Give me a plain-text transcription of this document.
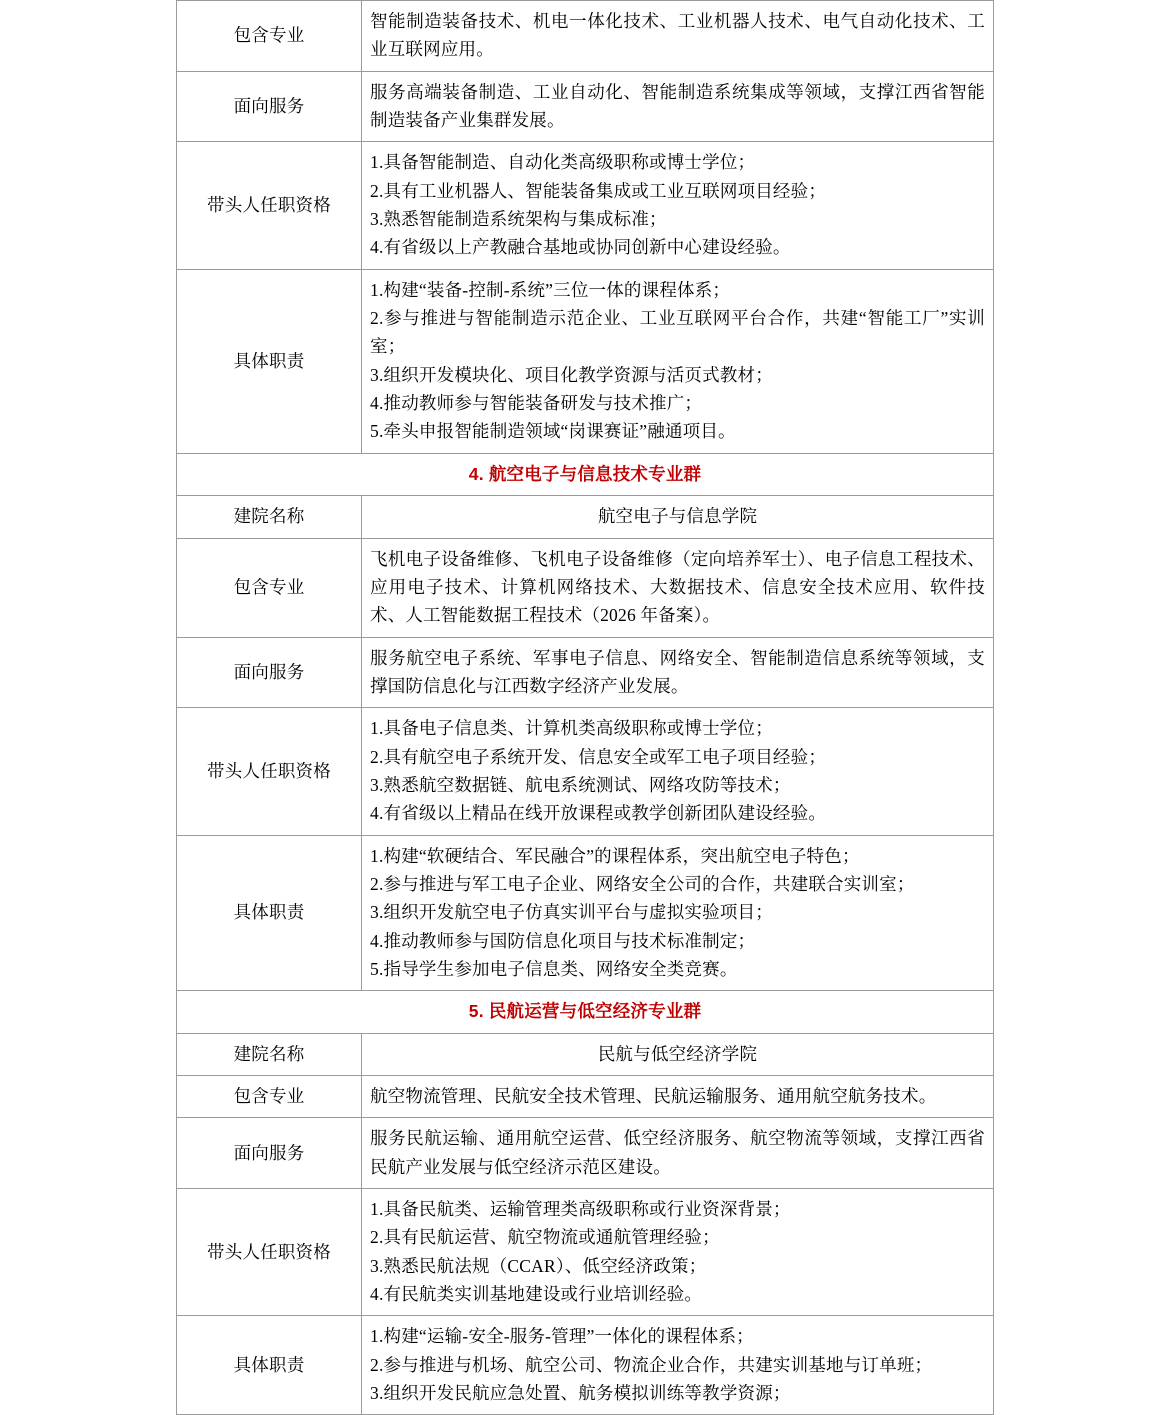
包含专业	智能制造装备技术、机电一体化技术、工业机器人技术、电气自动化技术、工业互联网应用。
面向服务	服务高端装备制造、工业自动化、智能制造系统集成等领域，支撑江西省智能制造装备产业集群发展。
带头人任职资格	1.具备智能制造、自动化类高级职称或博士学位；
2.具有工业机器人、智能装备集成或工业互联网项目经验；
3.熟悉智能制造系统架构与集成标准；
4.有省级以上产教融合基地或协同创新中心建设经验。

具体职责	1.构建“装备-控制-系统”三位一体的课程体系；
2.参与推进与智能制造示范企业、工业互联网平台合作，共建“智能工厂”实训室；
3.组织开发模块化、项目化教学资源与活页式教材；
4.推动教师参与智能装备研发与技术推广；
5.牵头申报智能制造领域“岗课赛证”融通项目。

4. 航空电子与信息技术专业群	
建院名称	航空电子与信息学院
包含专业	飞机电子设备维修、飞机电子设备维修（定向培养军士）、电子信息工程技术、应用电子技术、计算机网络技术、大数据技术、信息安全技术应用、软件技术、人工智能数据工程技术（2026 年备案）。
面向服务	服务航空电子系统、军事电子信息、网络安全、智能制造信息系统等领域，支撑国防信息化与江西数字经济产业发展。
带头人任职资格	1.具备电子信息类、计算机类高级职称或博士学位；
2.具有航空电子系统开发、信息安全或军工电子项目经验；
3.熟悉航空数据链、航电系统测试、网络攻防等技术；
4.有省级以上精品在线开放课程或教学创新团队建设经验。

具体职责	1.构建“软硬结合、军民融合”的课程体系，突出航空电子特色；
2.参与推进与军工电子企业、网络安全公司的合作，共建联合实训室；
3.组织开发航空电子仿真实训平台与虚拟实验项目；
4.推动教师参与国防信息化项目与技术标准制定；
5.指导学生参加电子信息类、网络安全类竞赛。

5. 民航运营与低空经济专业群	
建院名称	民航与低空经济学院
包含专业	航空物流管理、民航安全技术管理、民航运输服务、通用航空航务技术。
面向服务	服务民航运输、通用航空运营、低空经济服务、航空物流等领域，支撑江西省民航产业发展与低空经济示范区建设。
带头人任职资格	1.具备民航类、运输管理类高级职称或行业资深背景；
2.具有民航运营、航空物流或通航管理经验；
3.熟悉民航法规（CCAR）、低空经济政策；
4.有民航类实训基地建设或行业培训经验。

具体职责	1.构建“运输-安全-服务-管理”一体化的课程体系；
2.参与推进与机场、航空公司、物流企业合作，共建实训基地与订单班；
3.组织开发民航应急处置、航务模拟训练等教学资源；
